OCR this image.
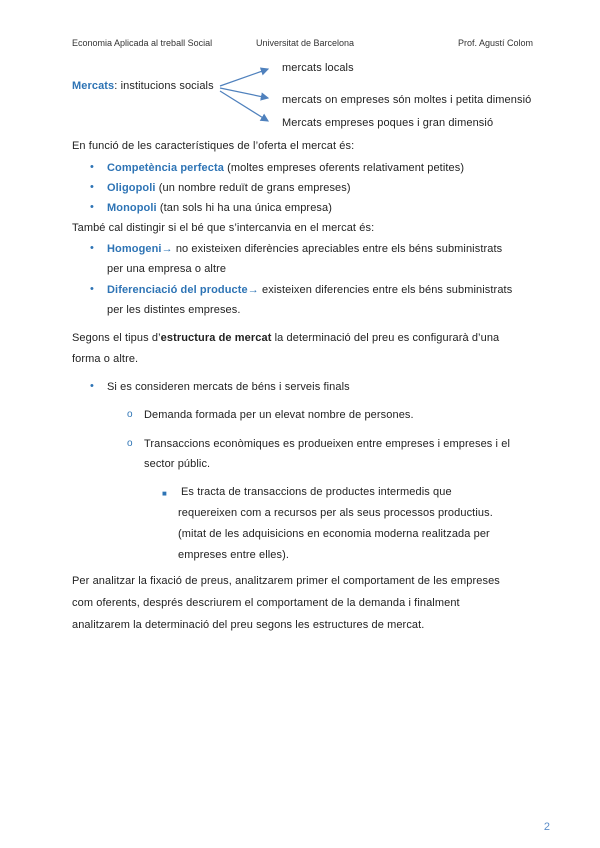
Economia Aplicada al treball Social	Universitat de Barcelona	Prof. Agustí Colom
Mercats: institucions socials
mercats locals
mercats on empreses són moltes i petita dimensió
Mercats empreses poques i gran dimensió
En funció de les característiques de l’oferta el mercat és:
• Competència perfecta (moltes empreses oferents relativament petites)
• Oligopoli (un nombre reduït de grans empreses)
• Monopoli (tan sols hi ha una única empresa)
També cal distingir si el bé que s’intercanvia en el mercat és:
• Homogeni→ no existeixen diferències apreciables entre els béns subministrats
per una empresa o altre
• Diferenciació del producte→ existeixen diferencies entre els béns subministrats
per les distintes empreses.
Segons el tipus d’estructura de mercat la determinació del preu es configurarà d’una
forma o altre.
• Si es consideren mercats de béns i serveis finals
o Demanda formada per un elevat nombre de persones.
o Transaccions econòmiques es produeixen entre empreses i empreses i el
sector públic.
■ Es tracta de transaccions de productes intermedis que
requereixen com a recursos per als seus processos productius.
(mitat de les adquisicions en economia moderna realitzada per
empreses entre elles).
Per analitzar la fixació de preus, analitzarem primer el comportament de les empreses
com oferents, després descriurem el comportament de la demanda i finalment
analitzarem la determinació del preu segons les estructures de mercat.
2
